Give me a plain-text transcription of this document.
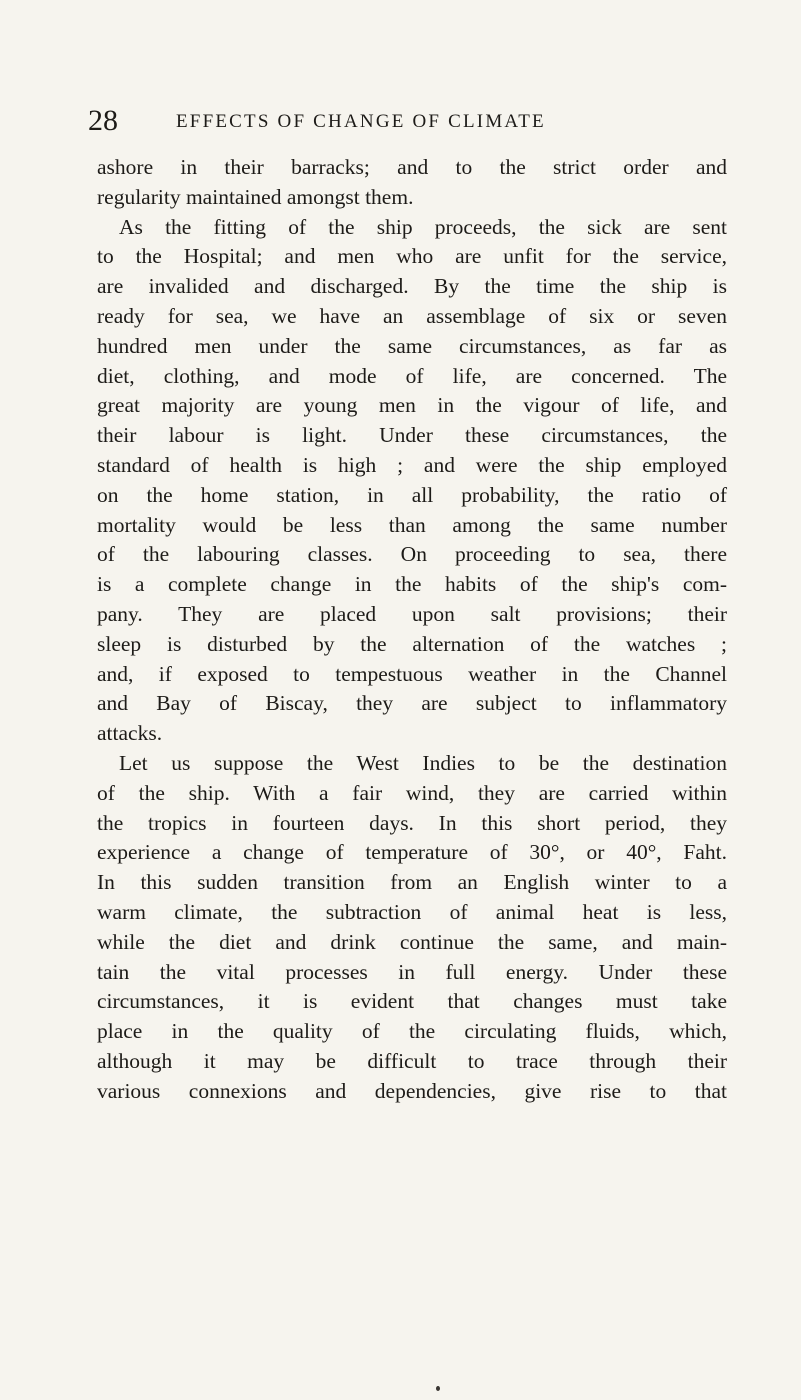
28	EFFECTS OF CHANGE OF CLIMATE
ashore in their barracks; and to the strict order and
regularity maintained amongst them.
As the fitting of the ship proceeds, the sick are sent
to the Hospital; and men who are unfit for the service,
are invalided and discharged. By the time the ship is
ready for sea, we have an assemblage of six or seven
hundred men under the same circumstances, as far as
diet, clothing, and mode of life, are concerned. The
great majority are young men in the vigour of life, and
their labour is light. Under these circumstances, the
standard of health is high ; and were the ship employed
on the home station, in all probability, the ratio of
mortality would be less than among the same number
of the labouring classes. On proceeding to sea, there
is a complete change in the habits of the ship's com-
pany. They are placed upon salt provisions; their
sleep is disturbed by the alternation of the watches ;
and, if exposed to tempestuous weather in the Channel
and Bay of Biscay, they are subject to inflammatory
attacks.
Let us suppose the West Indies to be the destination
of the ship. With a fair wind, they are carried within
the tropics in fourteen days. In this short period, they
experience a change of temperature of 30°, or 40°, Faht.
In this sudden transition from an English winter to a
warm climate, the subtraction of animal heat is less,
while the diet and drink continue the same, and main-
tain the vital processes in full energy. Under these
circumstances, it is evident that changes must take
place in the quality of the circulating fluids, which,
although it may be difficult to trace through their
various connexions and dependencies, give rise to that
